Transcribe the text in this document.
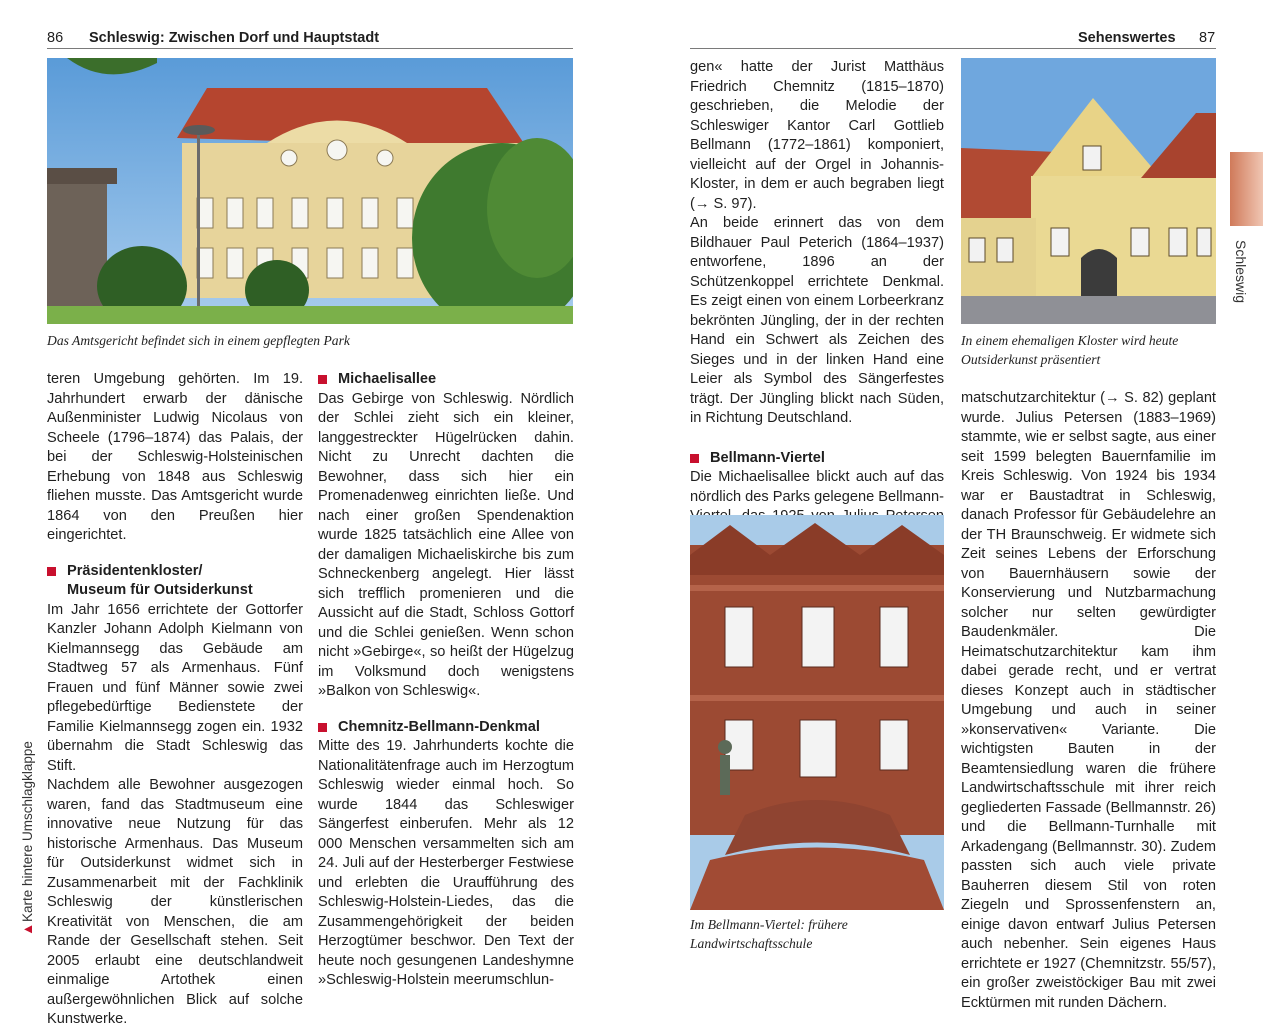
86 Schleswig: Zwischen Dorf und Hauptstadt
Das Amtsgericht befindet sich in einem gepflegten Park

teren Umgebung gehörten. Im 19. Jahrhundert erwarb der dänische Außenminister Ludwig Nicolaus von Scheele (1796–1874) das Palais, der bei der Schleswig-Holsteinischen Erhebung von 1848 aus Schleswig fliehen musste. Das Amtsgericht wurde 1864 von den Preußen hier eingerichtet.

Präsidentenkloster/
Museum für Outsiderkunst

Im Jahr 1656 errichtete der Gottorfer Kanzler Johann Adolph Kielmann von Kielmannsegg das Gebäude am Stadtweg 57 als Armenhaus. Fünf Frauen und fünf Männer sowie zwei pflegebedürftige Bedienstete der Familie Kielmannsegg zogen ein. 1932 übernahm die Stadt Schleswig das Stift.

Nachdem alle Bewohner ausgezogen waren, fand das Stadtmuseum eine innovative neue Nutzung für das historische Armenhaus. Das Museum für Outsiderkunst widmet sich in Zusammenarbeit mit der Fachklinik Schleswig der künstlerischen Kreativität von Menschen, die am Rande der Gesellschaft stehen. Seit 2005 erlaubt eine deutschlandweit einmalige Artothek einen außergewöhnlichen Blick auf solche Kunstwerke.

Michaelisallee

Das Gebirge von Schleswig. Nördlich der Schlei zieht sich ein kleiner, langgestreckter Hügelrücken dahin. Nicht zu Unrecht dachten die Bewohner, dass sich hier ein Promenadenweg einrichten ließe. Und nach einer großen Spendenaktion wurde 1825 tatsächlich eine Allee von der damaligen Michaeliskirche bis zum Schneckenberg angelegt. Hier lässt sich trefflich promenieren und die Aussicht auf die Stadt, Schloss Gottorf und die Schlei genießen. Wenn schon nicht »Gebirge«, so heißt der Hügelzug im Volksmund doch wenigstens »Balkon von Schleswig«.

Chemnitz-Bellmann-Denkmal

Mitte des 19. Jahrhunderts kochte die Nationalitätenfrage auch im Herzogtum Schleswig wieder einmal hoch. So wurde 1844 das Schleswiger Sängerfest einberufen. Mehr als 12 000 Menschen versammelten sich am 24. Juli auf der Hesterberger Festwiese und erlebten die Uraufführung des Schleswig-Holstein-Liedes, das die Zusammengehörigkeit der beiden Herzogtümer beschwor. Den Text der heute noch gesungenen Landeshymne »Schleswig-Holstein meerumschlun-

▲
Karte hintere Umschlagklappe
Sehenswertes 87
Schleswig

gen« hatte der Jurist Matthäus Friedrich Chemnitz (1815–1870) geschrieben, die Melodie der Schleswiger Kantor Carl Gottlieb Bellmann (1772–1861) komponiert, vielleicht auf der Orgel in Johannis-Kloster, in dem er auch begraben liegt (→ S. 97).

An beide erinnert das von dem Bildhauer Paul Peterich (1864–1937) entworfene, 1896 an der Schützenkoppel errichtete Denkmal. Es zeigt einen von einem Lorbeerkranz bekrönten Jüngling, der in der rechten Hand ein Schwert als Zeichen des Sieges und in der linken Hand eine Leier als Symbol des Sängerfestes trägt. Der Jüngling blickt nach Süden, in Richtung Deutschland.

Bellmann-Viertel

Die Michaelisallee blickt auch auf das nördlich des Parks gelegene Bellmann-

Im Bellmann-Viertel: frühere Landwirtschaftsschule
In einem ehemaligen Kloster wird heute Outsiderkunst präsentiert

matschutzarchitektur (→ S. 82) geplant wurde. Julius Petersen (1883–1969) stammte, wie er selbst sagte, aus einer seit 1599 belegten Bauernfamilie im Kreis Schleswig. Von 1924 bis 1934 war er Baustadtrat in Schleswig, danach Professor für Gebäudelehre an der TH Braunschweig. Er widmete sich Zeit seines Lebens der Erforschung von Bauernhäusern sowie der Konservierung und Nutzbarmachung solcher nur selten gewürdigter Baudenkmäler. Die Heimatschutzarchitektur kam ihm dabei gerade recht, und er vertrat dieses Konzept auch in städtischer Umgebung und auch in seiner »konservativen« Variante. Die wichtigsten Bauten in der Beamtensiedlung waren die frühere Landwirtschaftsschule mit ihrer reich gegliederten Fassade (Bellmannstr. 26) und die Bellmann-Turnhalle mit Arkadengang (Bellmannstr. 30). Zudem passten sich auch viele private Bauherren diesem Stil von roten Ziegeln und Sprossenfenstern an, einige davon entwarf Julius Petersen auch nebenher. Sein eigenes Haus errichtete er 1927 (Chemnitzstr. 55/57), ein großer zweistöckiger Bau mit zwei Ecktürmen mit runden Dächern.
